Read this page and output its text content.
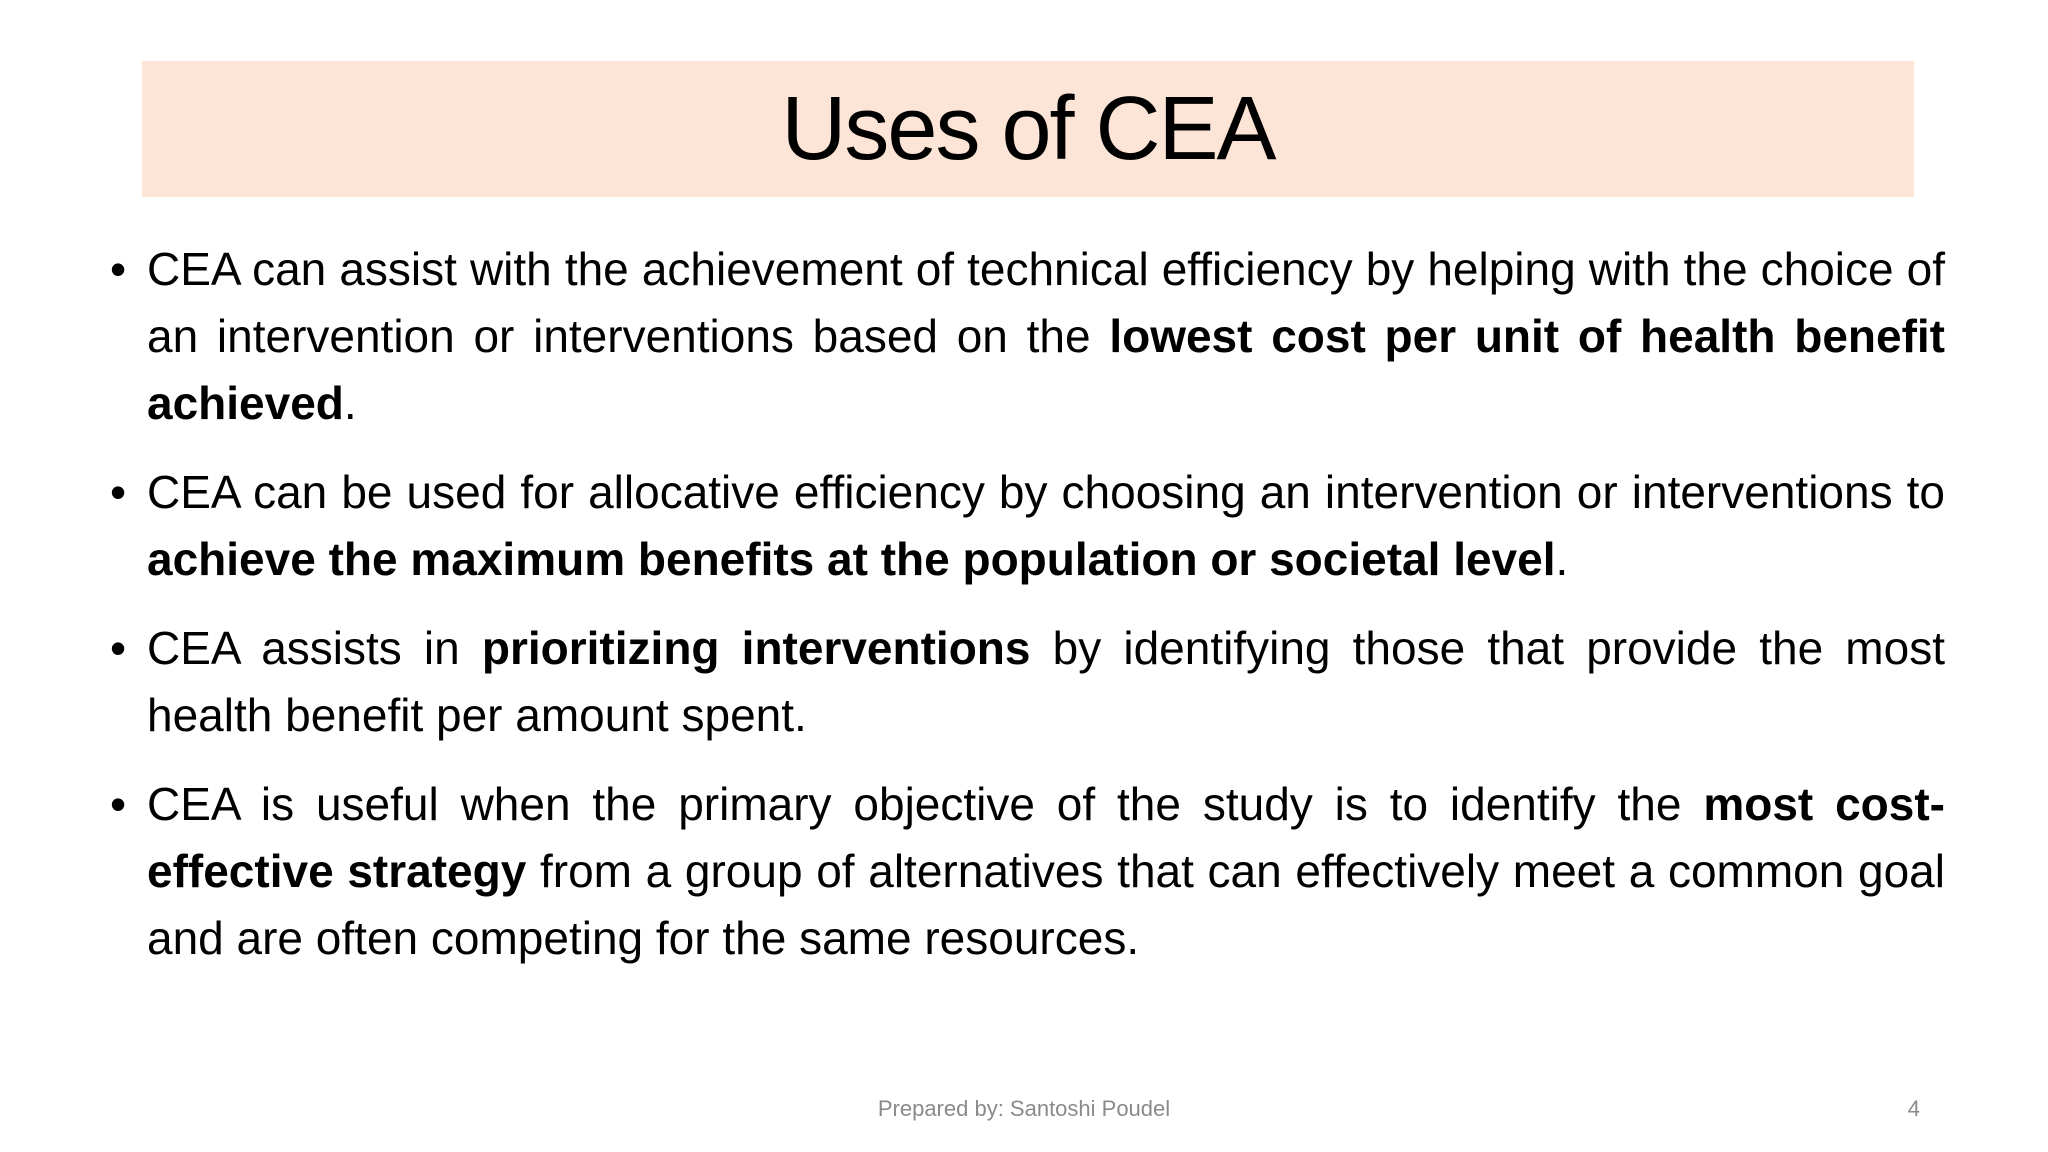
Uses of CEA
• CEA can assist with the achievement of technical efficiency by helping with the choice of an intervention or interventions based on the lowest cost per unit of health benefit achieved.
• CEA can be used for allocative efficiency by choosing an intervention or interventions to achieve the maximum benefits at the population or societal level.
• CEA assists in prioritizing interventions by identifying those that provide the most health benefit per amount spent.
• CEA is useful when the primary objective of the study is to identify the most cost-effective strategy from a group of alternatives that can effectively meet a common goal and are often competing for the same resources.
Prepared by: Santoshi Poudel	4
